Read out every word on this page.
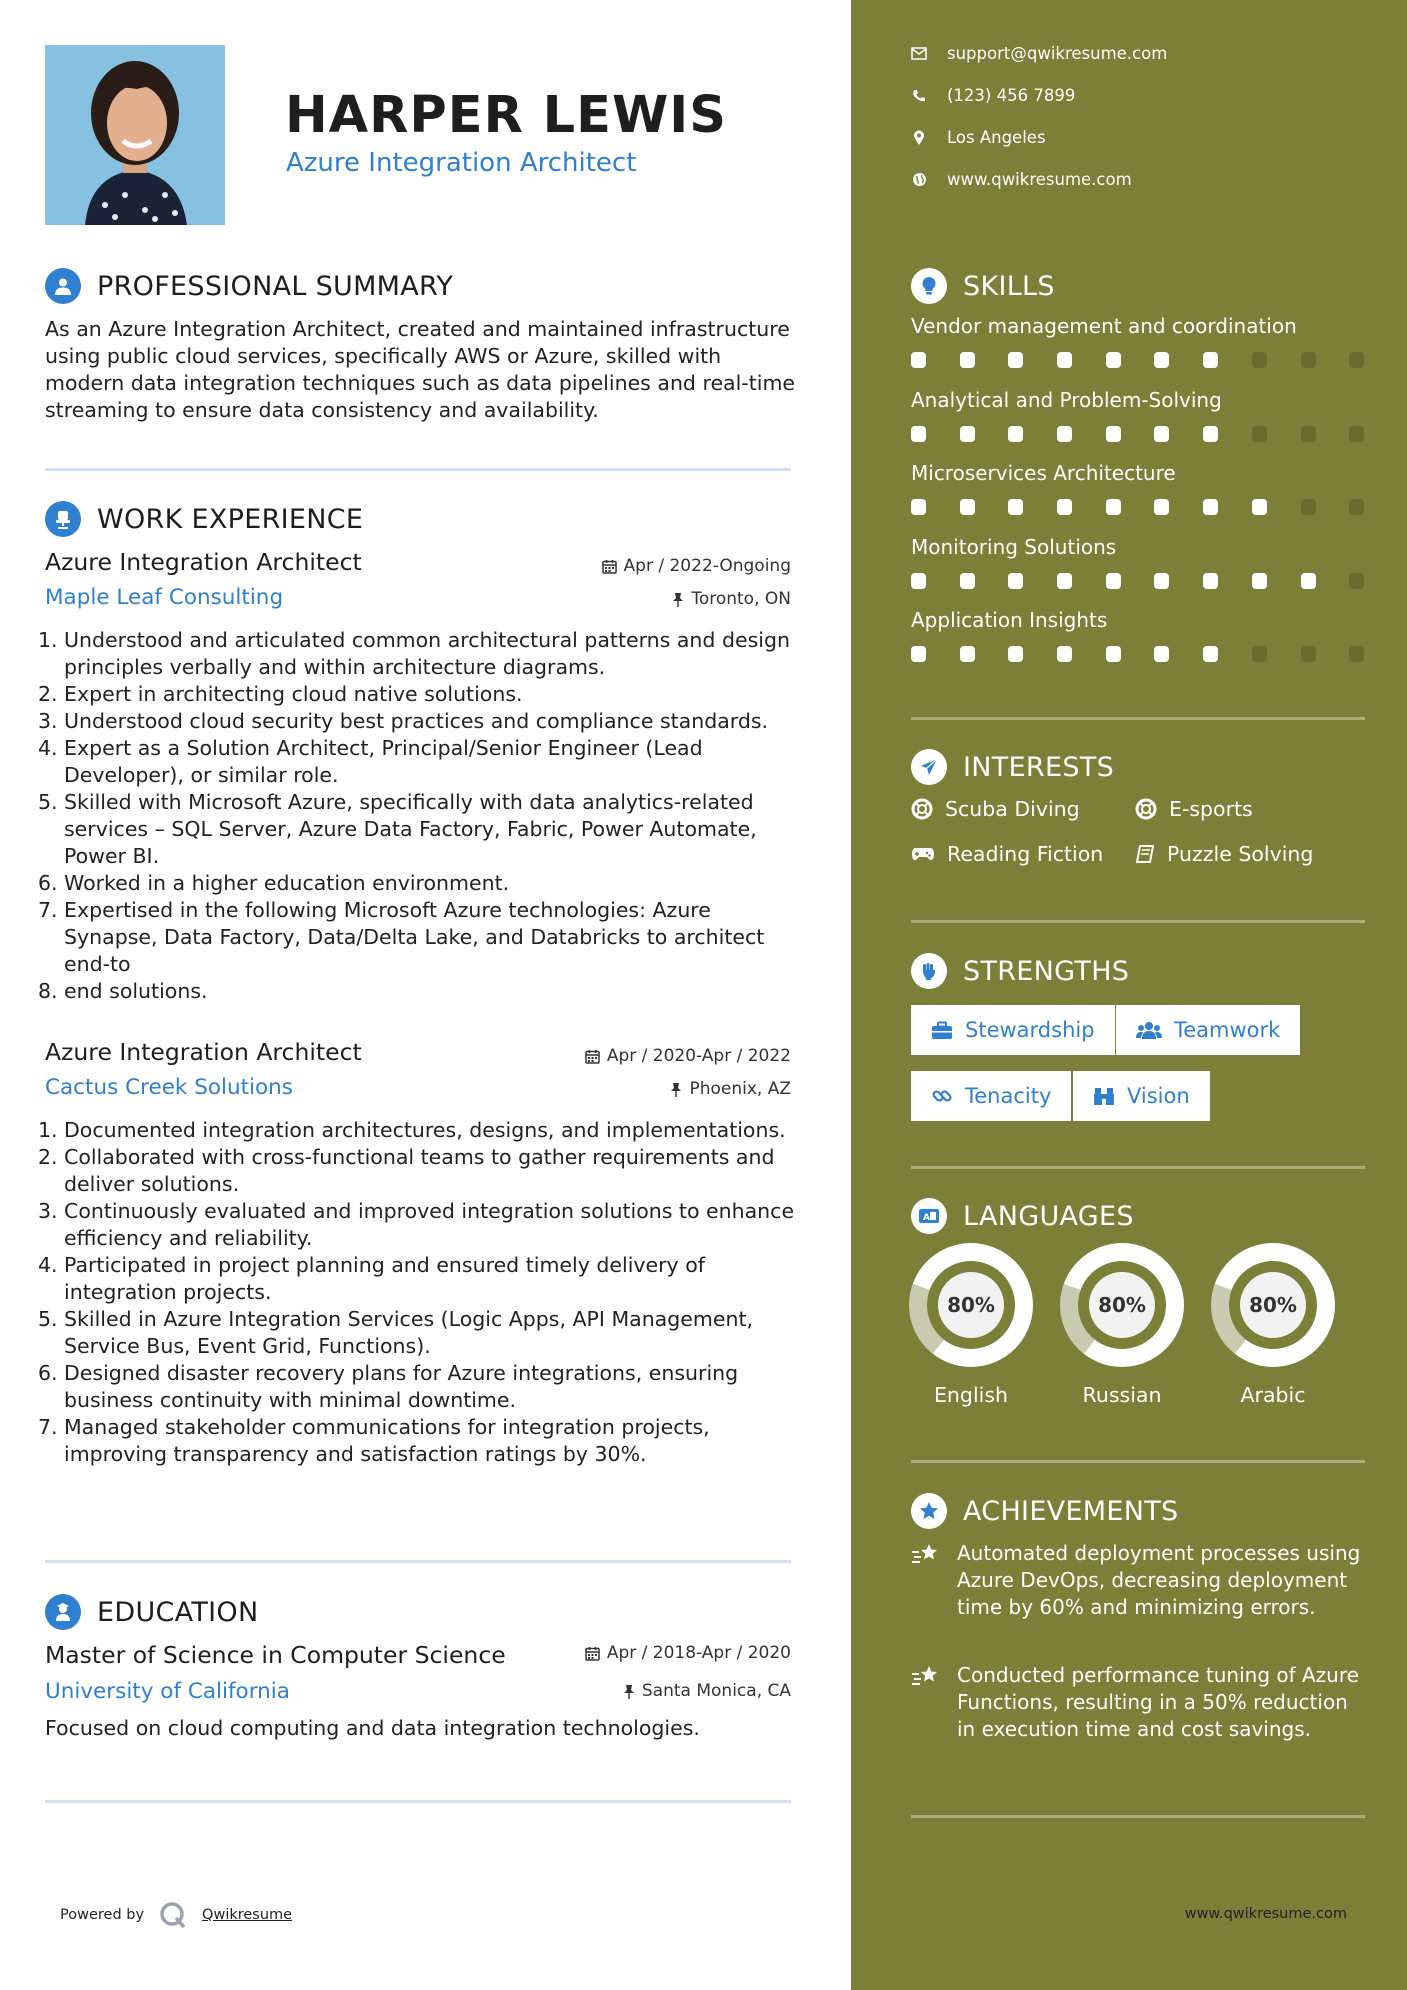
HARPER LEWIS
Azure Integration Architect
PROFESSIONAL SUMMARY
As an Azure Integration Architect, created and maintained infrastructure using public cloud services, specifically AWS or Azure, skilled with modern data integration techniques such as data pipelines and real-time streaming to ensure data consistency and availability.
WORK EXPERIENCE
Azure Integration Architect
Maple Leaf Consulting
Apr / 2022-Ongoing
Toronto, ON
1. Understood and articulated common architectural patterns and design principles verbally and within architecture diagrams.
2. Expert in architecting cloud native solutions.
3. Understood cloud security best practices and compliance standards.
4. Expert as a Solution Architect, Principal/Senior Engineer (Lead Developer), or similar role.
5. Skilled with Microsoft Azure, specifically with data analytics-related services – SQL Server, Azure Data Factory, Fabric, Power Automate, Power BI.
6. Worked in a higher education environment.
7. Expertised in the following Microsoft Azure technologies: Azure Synapse, Data Factory, Data/Delta Lake, and Databricks to architect end-to
8. end solutions.
Azure Integration Architect
Cactus Creek Solutions
Apr / 2020-Apr / 2022
Phoenix, AZ
1. Documented integration architectures, designs, and implementations.
2. Collaborated with cross-functional teams to gather requirements and deliver solutions.
3. Continuously evaluated and improved integration solutions to enhance efficiency and reliability.
4. Participated in project planning and ensured timely delivery of integration projects.
5. Skilled in Azure Integration Services (Logic Apps, API Management, Service Bus, Event Grid, Functions).
6. Designed disaster recovery plans for Azure integrations, ensuring business continuity with minimal downtime.
7. Managed stakeholder communications for integration projects, improving transparency and satisfaction ratings by 30%.
EDUCATION
Master of Science in Computer Science
University of California
Apr / 2018-Apr / 2020
Santa Monica, CA
Focused on cloud computing and data integration technologies.
Powered by	Qwikresume
support@qwikresume.com
(123) 456 7899
Los Angeles
www.qwikresume.com
SKILLS
Vendor management and coordination
Analytical and Problem-Solving
Microservices Architecture
Monitoring Solutions
Application Insights
INTERESTS
Scuba Diving	E-sports
Reading Fiction	Puzzle Solving
STRENGTHS
Stewardship	Teamwork
Tenacity	Vision
A LANGUAGES
80%
English
80%
Russian
80%
Arabic
ACHIEVEMENTS
Automated deployment processes using Azure DevOps, decreasing deployment time by 60% and minimizing errors.
Conducted performance tuning of Azure Functions, resulting in a 50% reduction in execution time and cost savings.
www.qwikresume.com
